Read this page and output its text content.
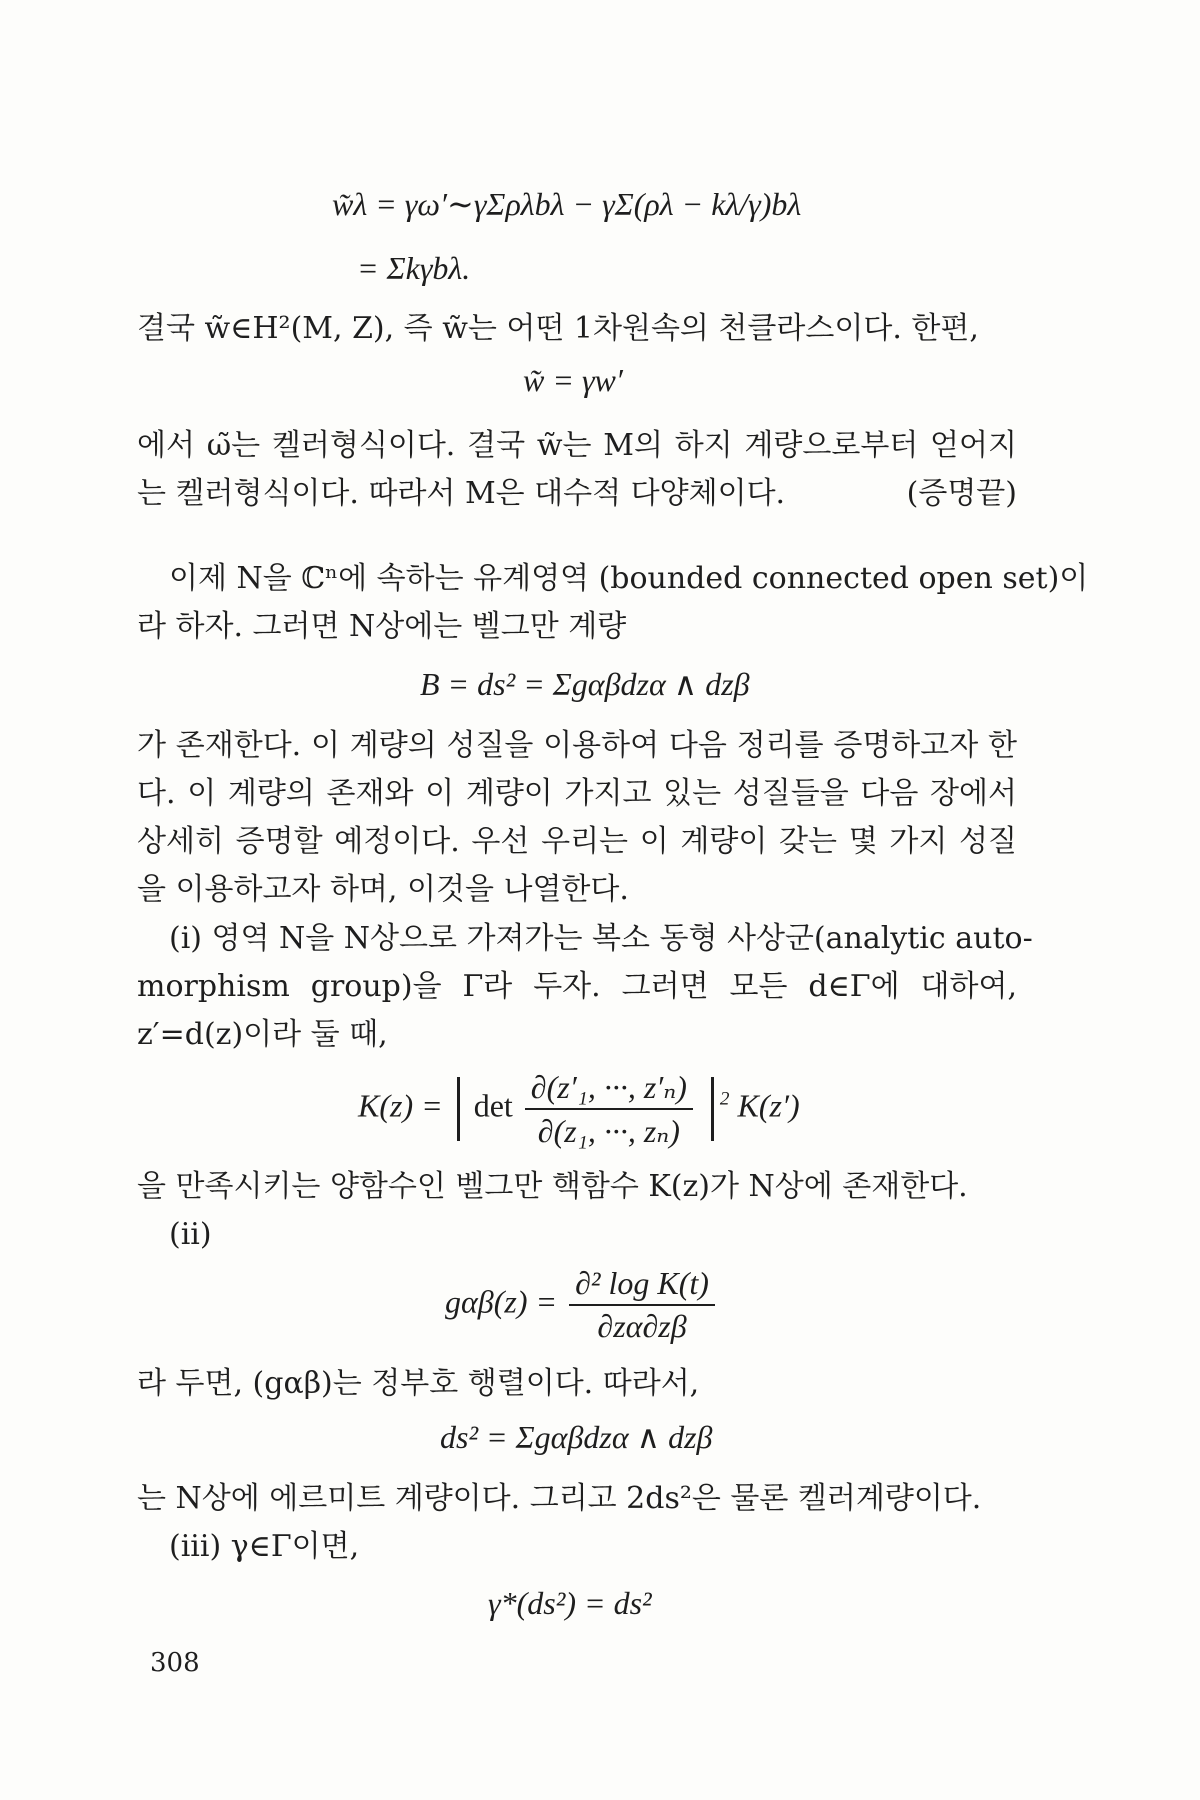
w̃λ = γω′∼γΣρλbλ − γΣ(ρλ − kλ/γ)bλ
= Σkγbλ.
결국 w̃∈H²(M, Z), 즉 w̃는 어떤 1차원속의 천클라스이다. 한편,
w̃ = γw′
에서 ω̃는 켈러형식이다. 결국 w̃는 M의 하지 계량으로부터 얻어지
는 켈러형식이다. 따라서 M은 대수적 다양체이다.	(증명끝)
이제 N을 ℂⁿ에 속하는 유계영역 (bounded connected open set)이
라 하자. 그러면 N상에는 벨그만 계량
B = ds² = Σgαβdzα ∧ dzβ
가 존재한다. 이 계량의 성질을 이용하여 다음 정리를 증명하고자 한
다. 이 계량의 존재와 이 계량이 가지고 있는 성질들을 다음 장에서
상세히 증명할 예정이다. 우선 우리는 이 계량이 갖는 몇 가지 성질
을 이용하고자 하며, 이것을 나열한다.
(i) 영역 N을 N상으로 가져가는 복소 동형 사상군(analytic auto-
morphism group)을 Γ라 두자. 그러면 모든 d∈Γ에 대하여,
z′=d(z)이라 둘 때,
$K(z) = \det \frac{\text{∂(z′₁, ···, z′ₙ)}}{\text{∂(z₁, ···, zₙ)}} ^2$ K(z′)
을 만족시키는 양함수인 벨그만 핵함수 K(z)가 N상에 존재한다.
(ii)
$g\alpha\beta(z) = \frac{\text{∂² log K(t)}}{\partial z\alpha\partial z\beta}$
라 두면, (gαβ)는 정부호 행렬이다. 따라서,
ds² = Σgαβdzα ∧ dzβ
는 N상에 에르미트 계량이다. 그리고 2ds²은 물론 켈러계량이다.
(iii) γ∈Γ이면,
γ*(ds²) = ds²
308
